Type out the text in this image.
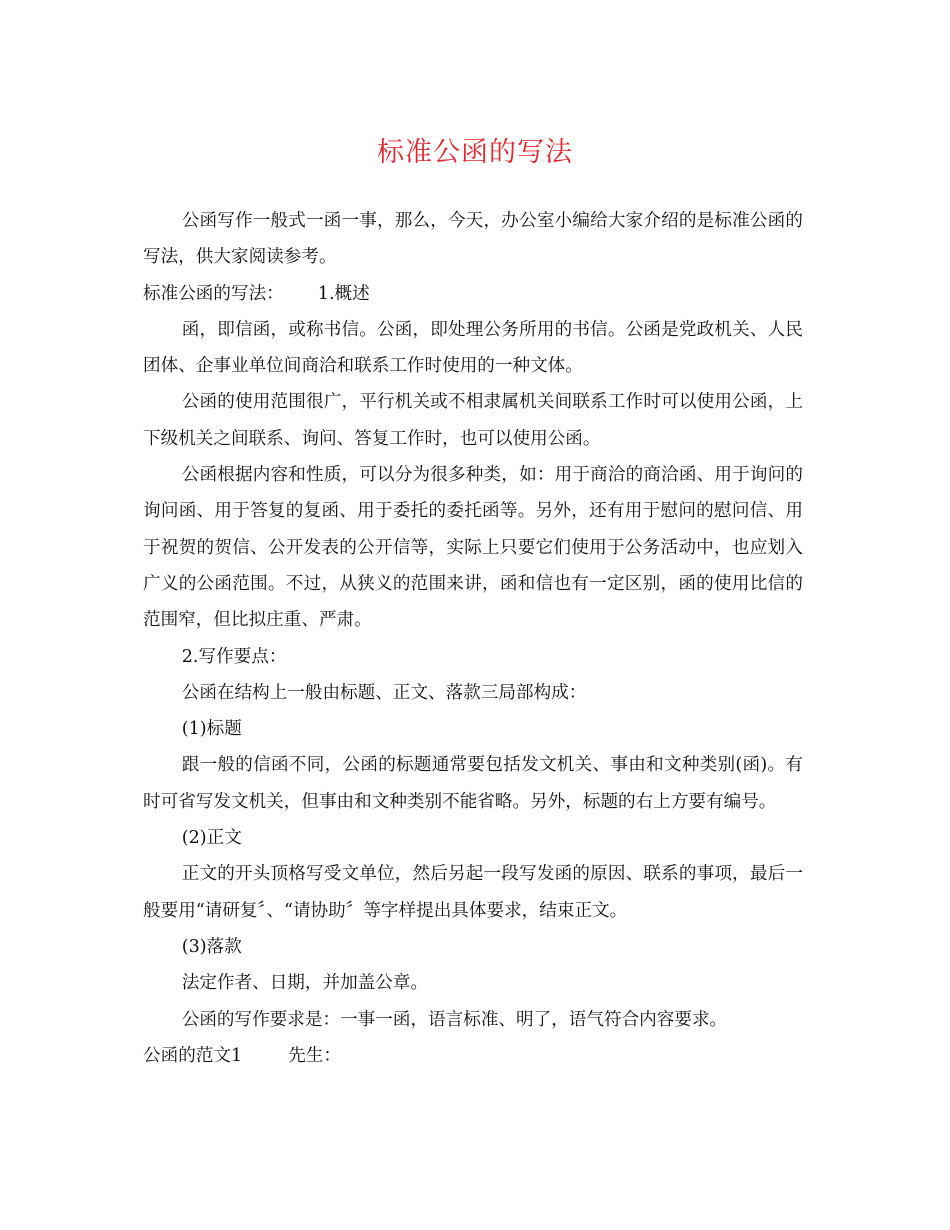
标准公函的写法

公函写作一般式一函一事，那么，今天，办公室小编给大家介绍的是标准公函的写法，供大家阅读参考。

标准公函的写法： 1.概述

函，即信函，或称书信。公函，即处理公务所用的书信。公函是党政机关、人民团体、企事业单位间商洽和联系工作时使用的一种文体。

公函的使用范围很广，平行机关或不相隶属机关间联系工作时可以使用公函，上下级机关之间联系、询问、答复工作时，也可以使用公函。

公函根据内容和性质，可以分为很多种类，如：用于商洽的商洽函、用于询问的询问函、用于答复的复函、用于委托的委托函等。另外，还有用于慰问的慰问信、用于祝贺的贺信、公开发表的公开信等，实际上只要它们使用于公务活动中，也应划入广义的公函范围。不过，从狭义的范围来讲，函和信也有一定区别，函的使用比信的范围窄，但比拟庄重、严肃。

2.写作要点：

公函在结构上一般由标题、正文、落款三局部构成：

(1)标题

跟一般的信函不同，公函的标题通常要包括发文机关、事由和文种类别(函)。有时可省写发文机关，但事由和文种类别不能省略。另外，标题的右上方要有编号。

(2)正文

正文的开头顶格写受文单位，然后另起一段写发函的原因、联系的事项，最后一般要用“请研复〞、“请协助〞等字样提出具体要求，结束正文。

(3)落款

法定作者、日期，并加盖公章。

公函的写作要求是：一事一函，语言标准、明了，语气符合内容要求。

公函的范文1	先生：
